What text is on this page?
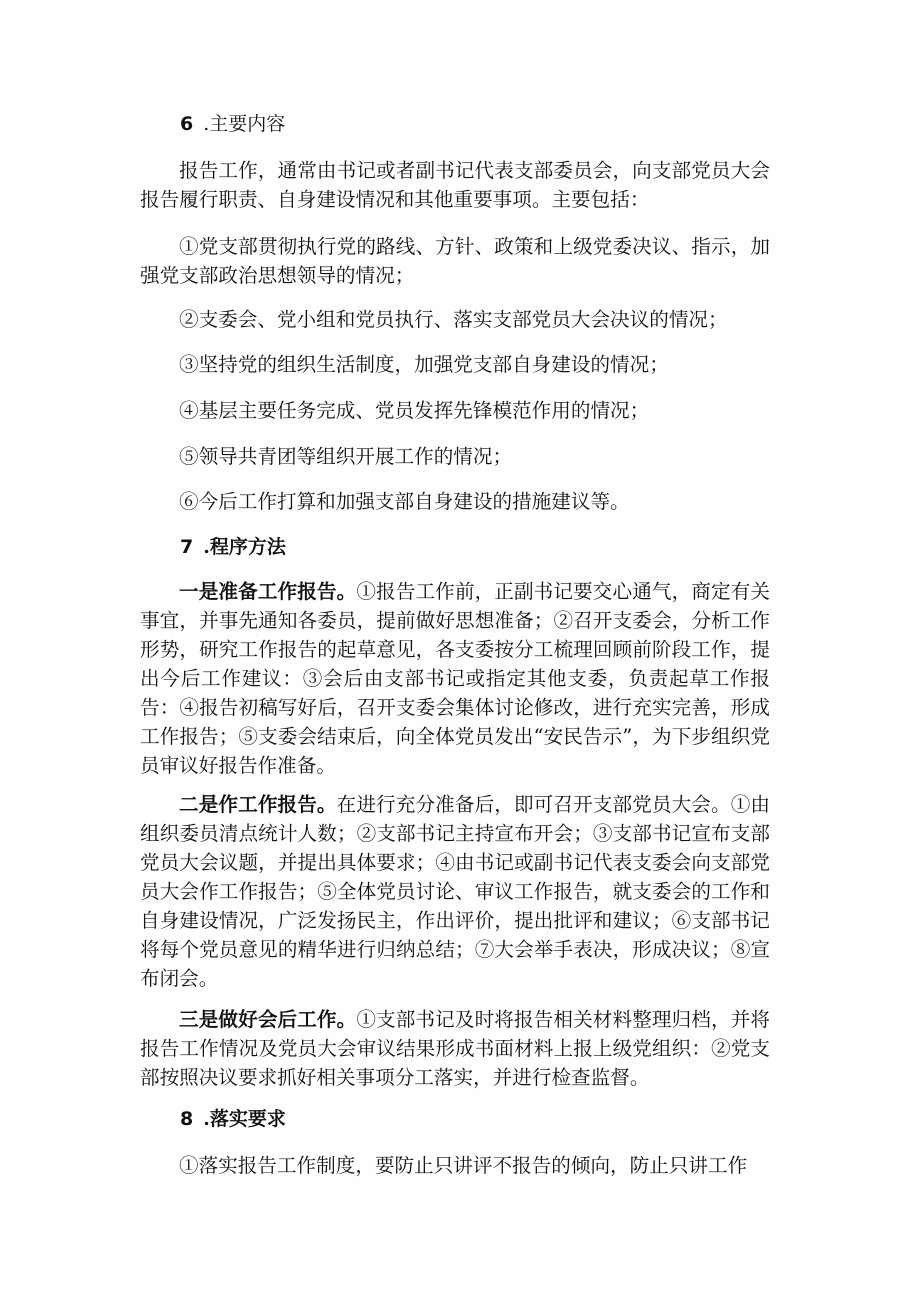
6 .主要内容

报告工作，通常由书记或者副书记代表支部委员会，向支部党员大会报告履行职责、自身建设情况和其他重要事项。主要包括：

①党支部贯彻执行党的路线、方针、政策和上级党委决议、指示，加强党支部政治思想领导的情况；

②支委会、党小组和党员执行、落实支部党员大会决议的情况；

③坚持党的组织生活制度，加强党支部自身建设的情况；

④基层主要任务完成、党员发挥先锋模范作用的情况；

⑤领导共青团等组织开展工作的情况；

⑥今后工作打算和加强支部自身建设的措施建议等。

7 .程序方法

一是准备工作报告。①报告工作前，正副书记要交心通气，商定有关事宜，并事先通知各委员，提前做好思想准备；②召开支委会，分析工作形势，研究工作报告的起草意见，各支委按分工梳理回顾前阶段工作，提出今后工作建议：③会后由支部书记或指定其他支委，负责起草工作报告：④报告初稿写好后，召开支委会集体讨论修改，进行充实完善，形成工作报告；⑤支委会结束后，向全体党员发出“安民告示”，为下步组织党员审议好报告作准备。

二是作工作报告。在进行充分准备后，即可召开支部党员大会。①由组织委员清点统计人数；②支部书记主持宣布开会；③支部书记宣布支部党员大会议题，并提出具体要求；④由书记或副书记代表支委会向支部党员大会作工作报告；⑤全体党员讨论、审议工作报告，就支委会的工作和自身建设情况，广泛发扬民主，作出评价，提出批评和建议；⑥支部书记将每个党员意见的精华进行归纳总结；⑦大会举手表决，形成决议；⑧宣布闭会。

三是做好会后工作。①支部书记及时将报告相关材料整理归档，并将报告工作情况及党员大会审议结果形成书面材料上报上级党组织：②党支部按照决议要求抓好相关事项分工落实，并进行检查监督。

8 .落实要求

①落实报告工作制度，要防止只讲评不报告的倾向，防止只讲工作
